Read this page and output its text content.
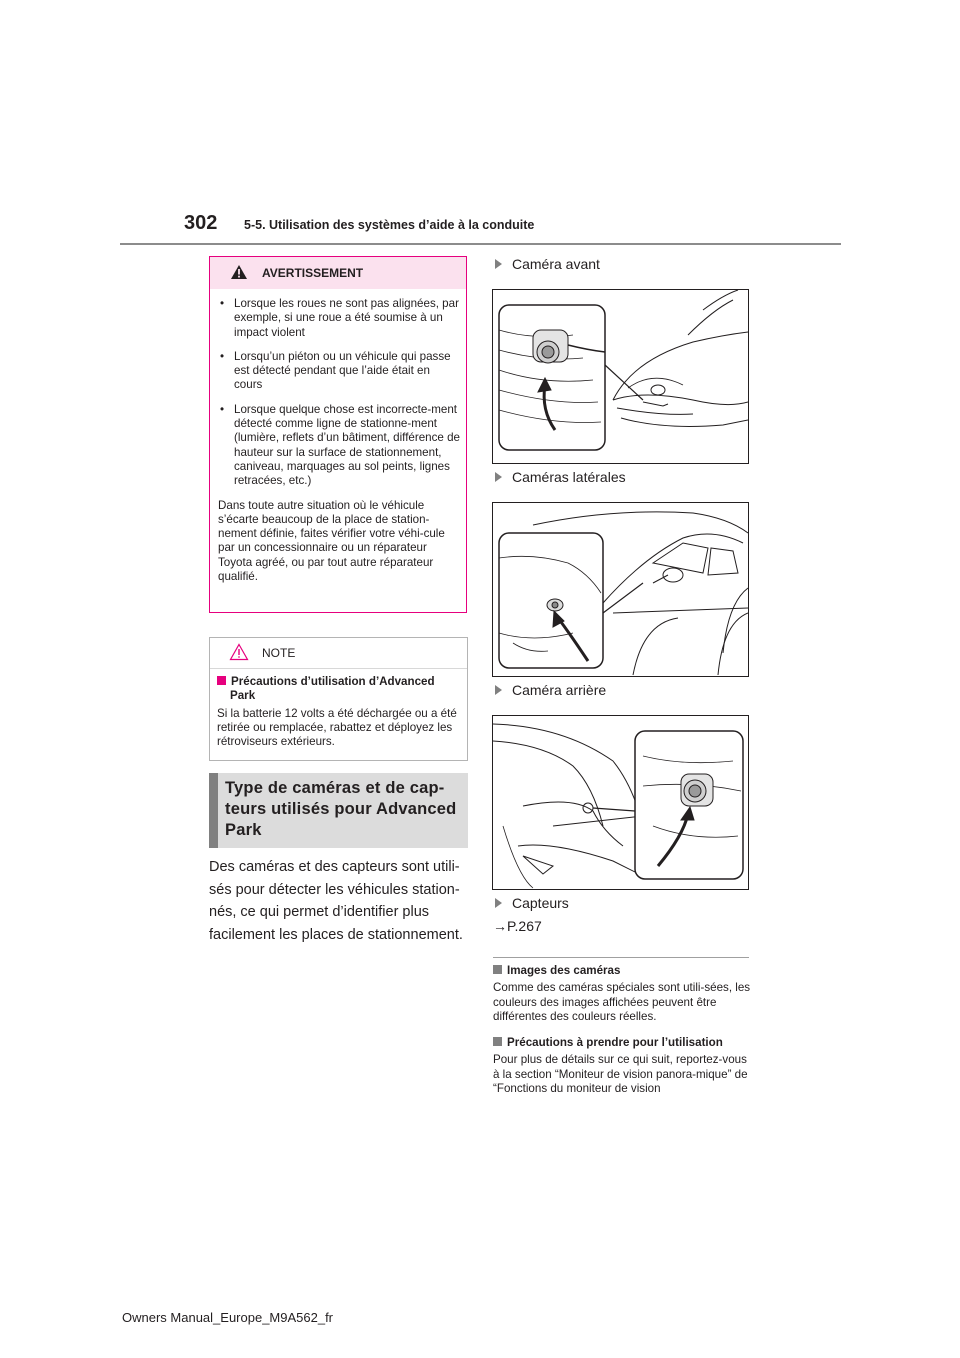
302 5-5. Utilisation des systèmes d’aide à la conduite
AVERTISSEMENT
• Lorsque les roues ne sont pas alignées, par exemple, si une roue a été soumise à un impact violent
• Lorsqu’un piéton ou un véhicule qui passe est détecté pendant que l’aide était en cours
• Lorsque quelque chose est incorrecte-ment détecté comme ligne de stationne-ment (lumière, reflets d’un bâtiment, différence de hauteur sur la surface de stationnement, caniveau, marquages au sol peints, lignes retracées, etc.)
Dans toute autre situation où le véhicule s’écarte beaucoup de la place de station-nement définie, faites vérifier votre véhi-cule par un concessionnaire ou un réparateur Toyota agréé, ou par tout autre réparateur qualifié.
NOTE
Précautions d’utilisation d’Advanced Park
Si la batterie 12 volts a été déchargée ou a été retirée ou remplacée, rabattez et déployez les rétroviseurs extérieurs.
Type de caméras et de cap-teurs utilisés pour Advanced Park
Des caméras et des capteurs sont utili-sés pour détecter les véhicules station-nés, ce qui permet d’identifier plus facilement les places de stationnement.
Caméra avant
Caméras latérales
Caméra arrière
Capteurs
→P.267
Images des caméras
Comme des caméras spéciales sont utili-sées, les couleurs des images affichées peuvent être différentes des couleurs réelles.
Précautions à prendre pour l’utilisation
Pour plus de détails sur ce qui suit, reportez-vous à la section “Moniteur de vision panora-mique” de “Fonctions du moniteur de vision
Owners Manual_Europe_M9A562_fr
